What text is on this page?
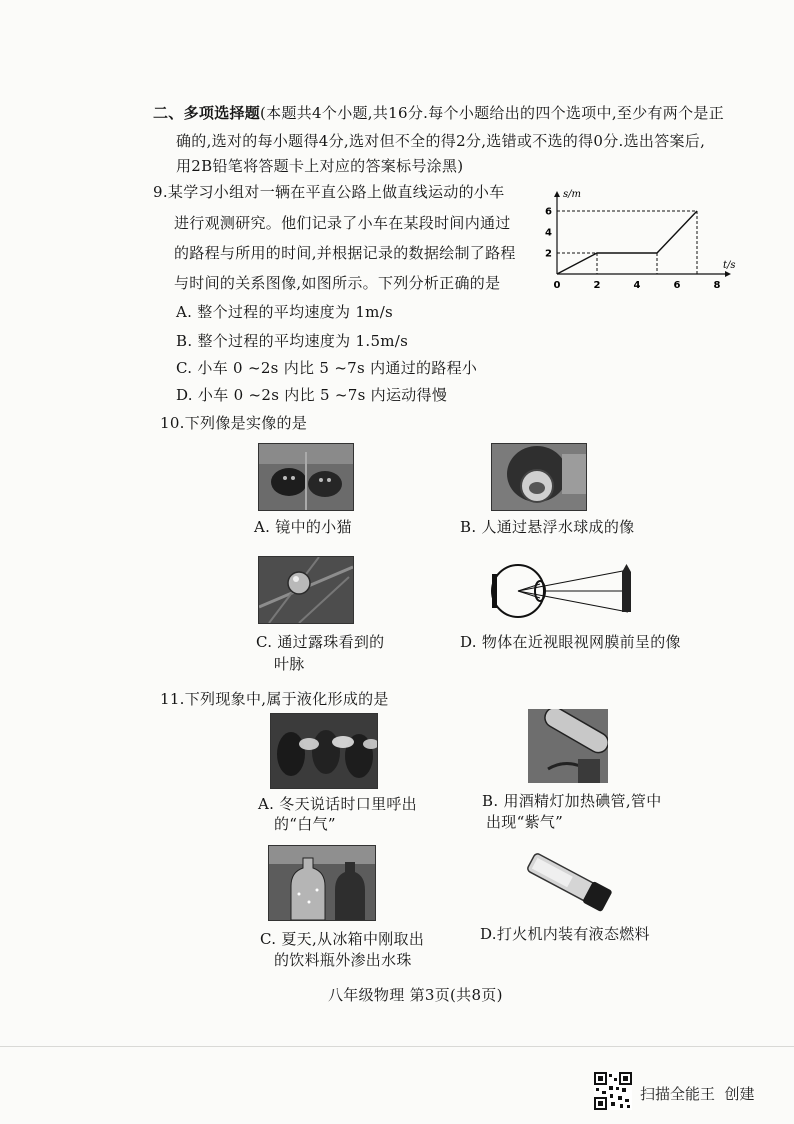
二、多项选择题 (本题共4个小题,共16分.每个小题给出的四个选项中,至少有两个是正
确的,选对的每小题得4分,选对但不全的得2分,选错或不选的得0分.选出答案后,
用2B铅笔将答题卡上对应的答案标号涂黑)
9.某学习小组对一辆在平直公路上做直线运动的小车
进行观测研究。他们记录了小车在某段时间内通过
的路程与所用的时间,并根据记录的数据绘制了路程
与时间的关系图像,如图所示。下列分析正确的是
A. 整个过程的平均速度为 1m/s
B. 整个过程的平均速度为 1.5m/s
C. 小车 0 ~2s 内比 5 ~7s 内通过的路程小
D. 小车 0 ~2s 内比 5 ~7s 内运动得慢
s/m
t/s
0	2	4	6	8
2
4
6
10.下列像是实像的是
A. 镜中的小猫	B. 人通过悬浮水球成的像
C. 通过露珠看到的
叶脉
D. 物体在近视眼视网膜前呈的像
11.下列现象中,属于液化形成的是
A. 冬天说话时口里呼出
的“白气”
B. 用酒精灯加热碘管,管中
出现“紫气”
C. 夏天,从冰箱中刚取出
的饮料瓶外渗出水珠
D.打火机内装有液态燃料
八年级物理 第3页(共8页)
扫描全能王  创建
